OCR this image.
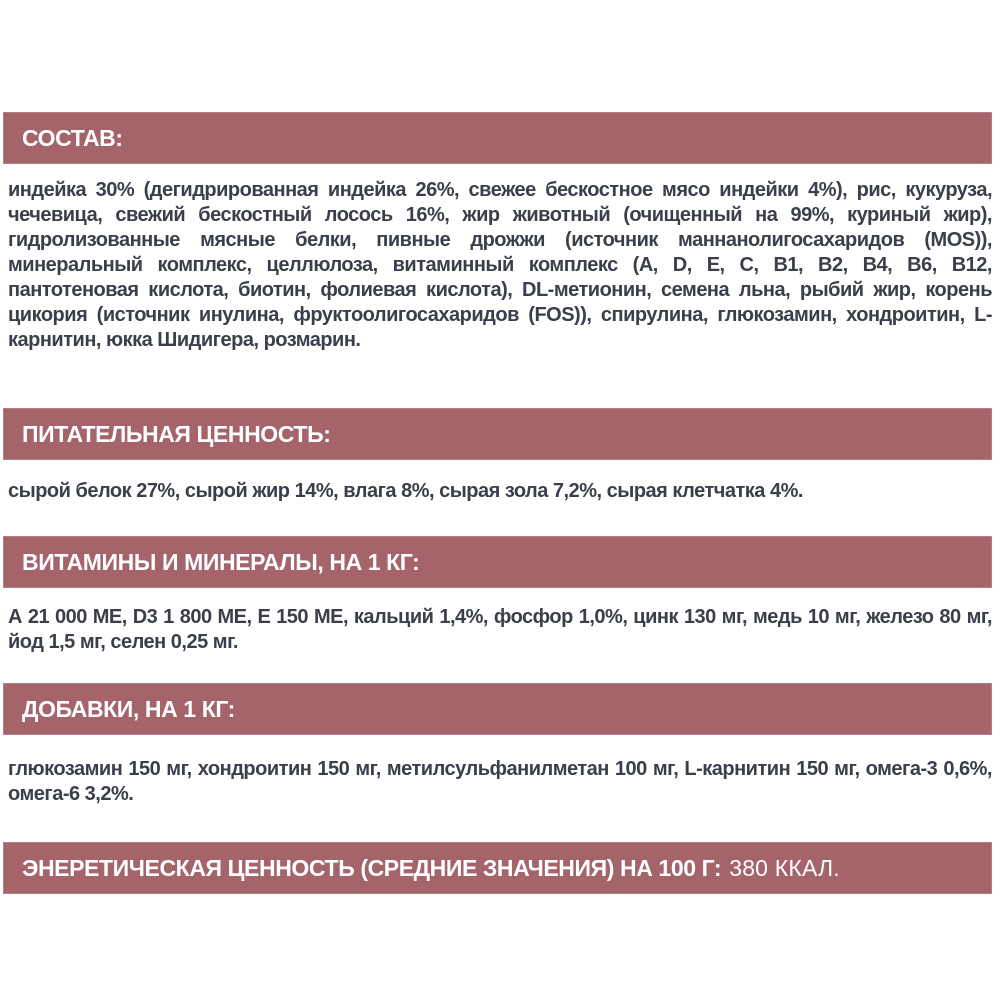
СОСТАВ:

индейка 30% (дегидрированная индейка 26%, свежее бескостное мясо индейки 4%), рис, кукуруза, чечевица, свежий бескостный лосось 16%, жир животный (очищенный на 99%, куриный жир), гидролизованные мясные белки, пивные дрожжи (источник маннанолигосахаридов (MOS)), минеральный комплекс, целлюлоза, витаминный комплекс (A, D, E, C, B1, B2, B4, B6, B12, пантотеновая кислота, биотин, фолиевая кислота), DL-метионин, семена льна, рыбий жир, корень цикория (источник инулина, фруктоолигосахаридов (FOS)), спирулина, глюкозамин, хондроитин, L-карнитин, юкка Шидигера, розмарин.

ПИТАТЕЛЬНАЯ ЦЕННОСТЬ:

сырой белок 27%, сырой жир 14%, влага 8%, сырая зола 7,2%, сырая клетчатка 4%.

ВИТАМИНЫ И МИНЕРАЛЫ, НА 1 КГ:

А 21 000 МЕ, D3 1 800 МЕ, Е 150 МЕ, кальций 1,4%, фосфор 1,0%, цинк 130 мг, медь 10 мг, железо 80 мг, йод 1,5 мг, селен 0,25 мг.

ДОБАВКИ, НА 1 КГ:

глюкозамин 150 мг, хондроитин 150 мг, метилсульфанилметан 100 мг, L-карнитин 150 мг, омега-3 0,6%, омега-6 3,2%.

ЭНЕРЕТИЧЕСКАЯ ЦЕННОСТЬ (СРЕДНИЕ ЗНАЧЕНИЯ) НА 100 Г: 380 ККАЛ.
